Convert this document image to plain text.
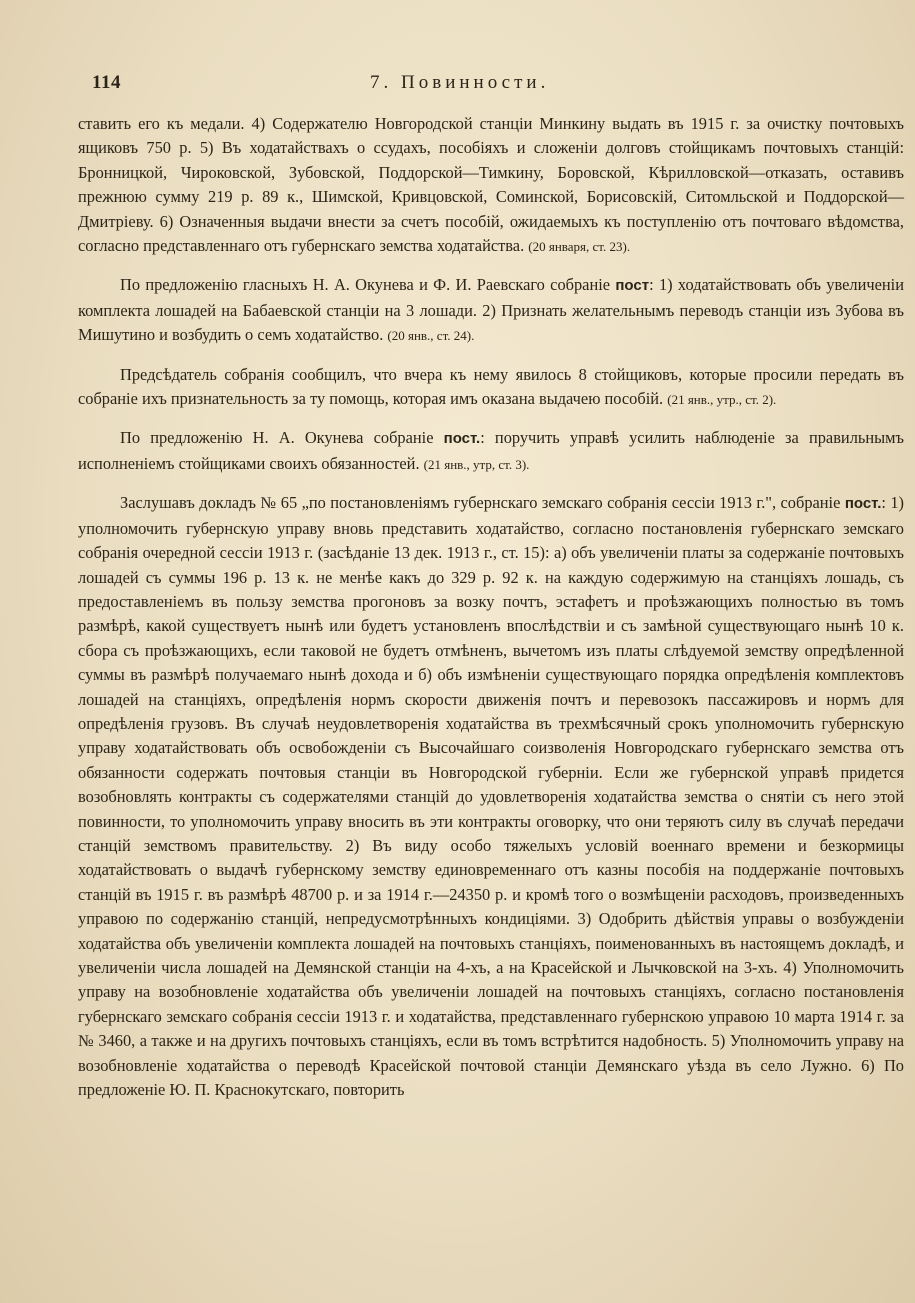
114	7. Повинности.

ставить его къ медали. 4) Содержателю Новгородской станціи Минкину выдать въ 1915 г. за очистку почтовыхъ ящиковъ 750 р. 5) Въ ходатайствахъ о ссудахъ, пособіяхъ и сложеніи долговъ стойщикамъ почтовыхъ станцій: Бронницкой, Чироковской, Зубовской, Поддорской—Тимкину, Боровской, Кѣрилловской—отказать, оставивъ прежнюю сумму 219 р. 89 к., Шимской, Кривцовской, Соминской, Борисовскій, Ситомльской и Поддорской—Дмитріеву. 6) Означенныя выдачи внести за счетъ пособій, ожидаемыхъ къ поступленію отъ почтоваго вѣдомства, согласно представленнаго отъ губернскаго земства ходатайства. (20 января, ст. 23).

По предложенію гласныхъ Н. А. Окунева и Ф. И. Раевскаго собраніе пост: 1) ходатайствовать объ увеличеніи комплекта лошадей на Бабаевской станціи на 3 лошади. 2) Признать желательнымъ переводъ станціи изъ Зубова въ Мишутино и возбудить о семъ ходатайство. (20 янв., ст. 24).

Предсѣдатель собранія сообщилъ, что вчера къ нему явилось 8 стойщиковъ, которые просили передать въ собраніе ихъ признательность за ту помощь, которая имъ оказана выдачею пособій. (21 янв., утр., ст. 2).

По предложенію Н. А. Окунева собраніе пост.: поручить управѣ усилить наблюденіе за правильнымъ исполненіемъ стойщиками своихъ обязанностей. (21 янв., утр, ст. 3).

Заслушавъ докладъ № 65 „по постановленіямъ губернскаго земскаго собранія сессіи 1913 г.", собраніе пост.: 1) уполномочить губернскую управу вновь представить ходатайство, согласно постановленія губернскаго земскаго собранія очередной сессіи 1913 г. (засѣданіе 13 дек. 1913 г., ст. 15): а) объ увеличеніи платы за содержаніе почтовыхъ лошадей съ суммы 196 р. 13 к. не менѣе какъ до 329 р. 92 к. на каждую содержимую на станціяхъ лошадь, съ предоставленіемъ въ пользу земства прогоновъ за возку почтъ, эстафетъ и проѣзжающихъ полностью въ томъ размѣрѣ, какой существуетъ нынѣ или будетъ установленъ впослѣдствіи и съ замѣной существующаго нынѣ 10 к. сбора съ проѣзжающихъ, если таковой не будетъ отмѣненъ, вычетомъ изъ платы слѣдуемой земству опредѣленной суммы въ размѣрѣ получаемаго нынѣ дохода и б) объ измѣненіи существующаго порядка опредѣленія комплектовъ лошадей на станціяхъ, опредѣленія нормъ скорости движенія почтъ и перевозокъ пассажировъ и нормъ для опредѣленія грузовъ. Въ случаѣ неудовлетворенія ходатайства въ трехмѣсячный срокъ уполномочить губернскую управу ходатайствовать объ освобожденіи съ Высочайшаго соизволенія Новгородскаго губернскаго земства отъ обязанности содержать почтовыя станціи въ Новгородской губерніи. Если же губернской управѣ придется возобновлять контракты съ содержателями станцій до удовлетворенія ходатайства земства о снятіи съ него этой повинности, то уполномочить управу вносить въ эти контракты оговорку, что они теряютъ силу въ случаѣ передачи станцій земствомъ правительству. 2) Въ виду особо тяжелыхъ условій военнаго времени и безкормицы ходатайствовать о выдачѣ губернскому земству единовременнаго отъ казны пособія на поддержаніе почтовыхъ станцій въ 1915 г. въ размѣрѣ 48700 р. и за 1914 г.—24350 р. и кромѣ того о возмѣщеніи расходовъ, произведенныхъ управою по содержанію станцій, непредусмотрѣнныхъ кондиціями. 3) Одобрить дѣйствія управы о возбужденіи ходатайства объ увеличеніи комплекта лошадей на почтовыхъ станціяхъ, поименованныхъ въ настоящемъ докладѣ, и увеличеніи числа лошадей на Демянской станціи на 4-хъ, а на Красейской и Лычковской на 3-хъ. 4) Уполномочить управу на возобновленіе ходатайства объ увеличеніи лошадей на почтовыхъ станціяхъ, согласно постановленія губернскаго земскаго собранія сессіи 1913 г. и ходатайства, представленнаго губернскою управою 10 марта 1914 г. за № 3460, а также и на другихъ почтовыхъ станціяхъ, если въ томъ встрѣтится надобность. 5) Уполномочить управу на возобновленіе ходатайства о переводѣ Красейской почтовой станціи Демянскаго уѣзда въ село Лужно. 6) По предложеніе Ю. П. Краснокутскаго, повторить
